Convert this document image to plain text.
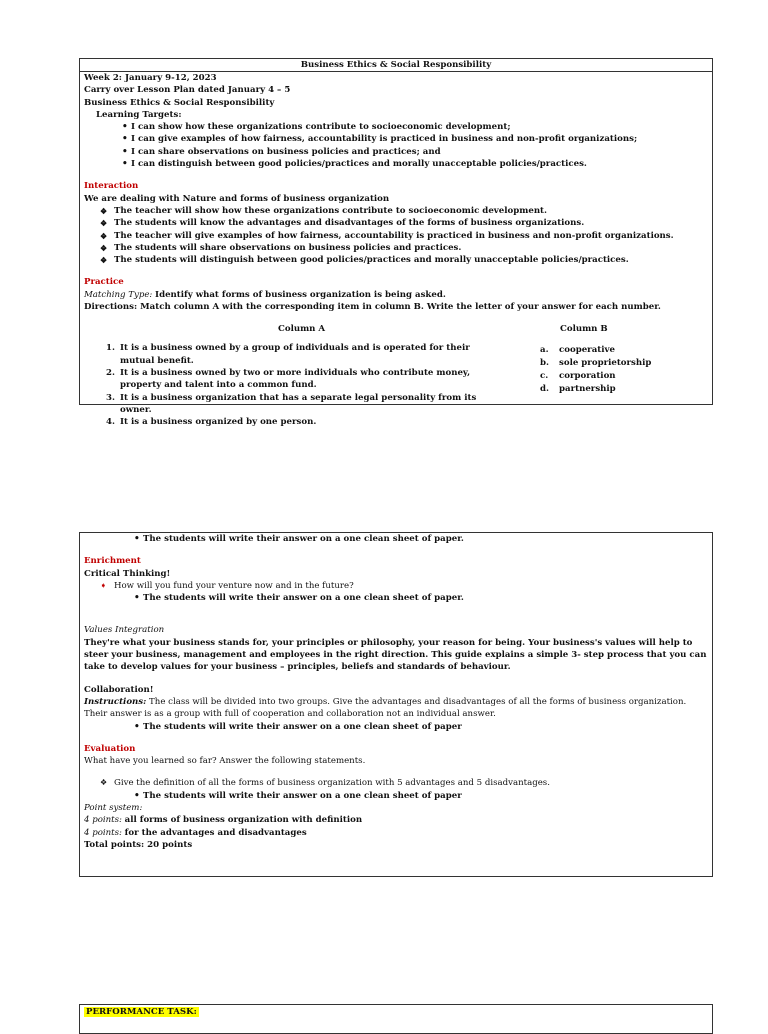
Business Ethics & Social Responsibility
Week 2: January 9-12, 2023
Carry over Lesson Plan dated January 4 – 5
Business Ethics & Social Responsibility
Learning Targets:
• I can show how these organizations contribute to socioeconomic development;
• I can give examples of how fairness, accountability is practiced in business and non-profit organizations;
• I can share observations on business policies and practices; and
• I can distinguish between good policies/practices and morally unacceptable policies/practices.
Interaction
We are dealing with Nature and forms of business organization
❖ The teacher will show how these organizations contribute to socioeconomic development.
❖ The students will know the advantages and disadvantages of the forms of business organizations.
❖ The teacher will give examples of how fairness, accountability is practiced in business and non-profit organizations.
❖ The students will share observations on business policies and practices.
❖ The students will distinguish between good policies/practices and morally unacceptable policies/practices.
Practice
Matching Type: Identify what forms of business organization is being asked.
Directions: Match column A with the corresponding item in column B. Write the letter of your answer for each number.
Column A	Column B
1. It is a business owned by a group of individuals and is operated for their mutual benefit.
2. It is a business owned by two or more individuals who contribute money, property and talent into a common fund.
3. It is a business organization that has a separate legal personality from its owner.
4. It is a business organized by one person.
a. cooperative
b. sole proprietorship
c. corporation
d. partnership
• The students will write their answer on a one clean sheet of paper.
Enrichment
Critical Thinking!
➧ How will you fund your venture now and in the future?
• The students will write their answer on a one clean sheet of paper.
Values Integration
They're what your business stands for, your principles or philosophy, your reason for being. Your business's values will help to steer your business, management and employees in the right direction. This guide explains a simple 3- step process that you can take to develop values for your business – principles, beliefs and standards of behaviour.
Collaboration!
Instructions: The class will be divided into two groups. Give the advantages and disadvantages of all the forms of business organization. Their answer is as a group with full of cooperation and collaboration not an individual answer.
• The students will write their answer on a one clean sheet of paper
Evaluation
What have you learned so far? Answer the following statements.
❖ Give the definition of all the forms of business organization with 5 advantages and 5 disadvantages.
• The students will write their answer on a one clean sheet of paper
Point system:
4 points: all forms of business organization with definition
4 points: for the advantages and disadvantages
Total points: 20 points
PERFORMANCE TASK:
